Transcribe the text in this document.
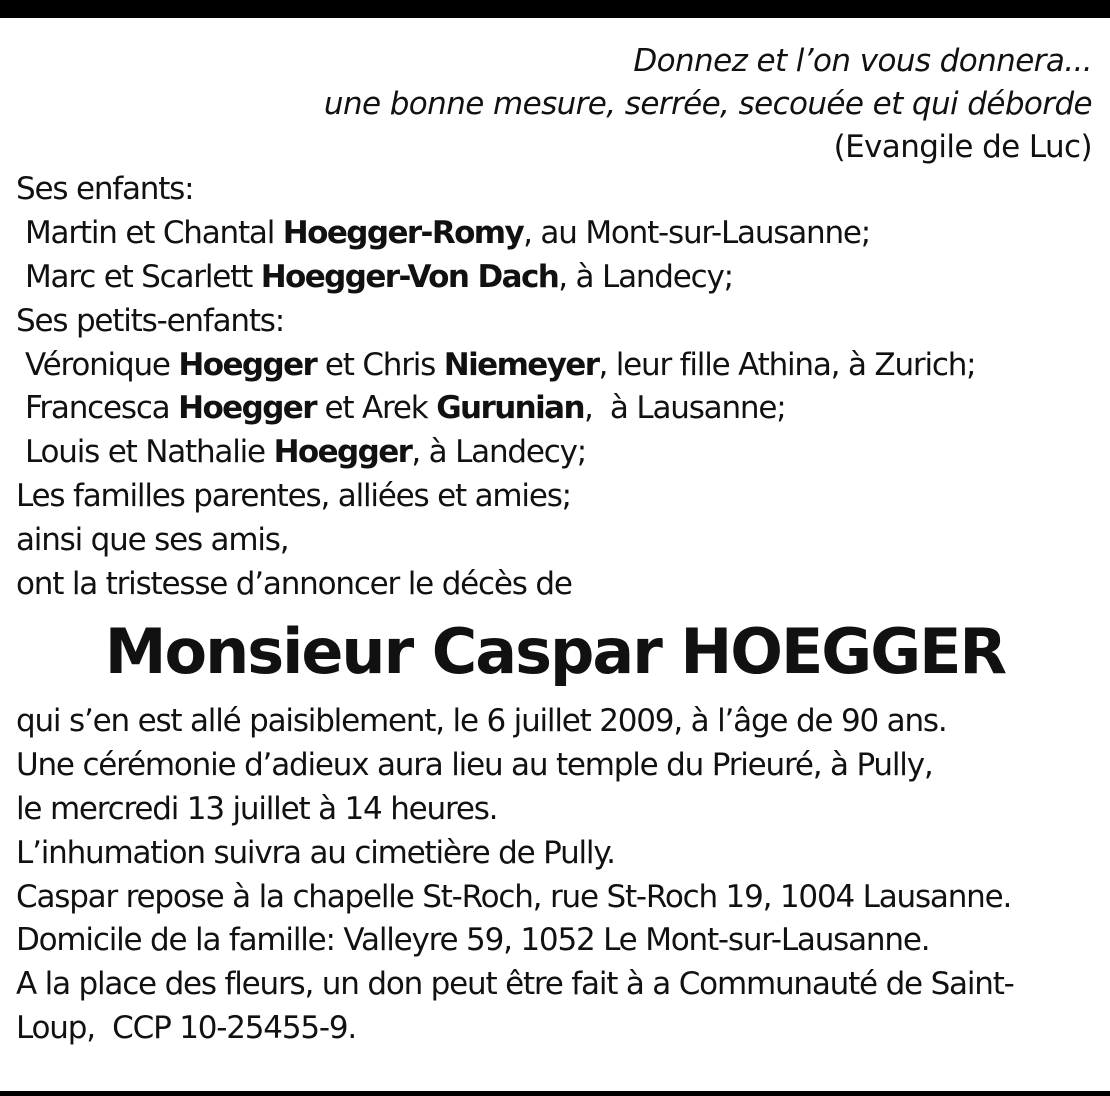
Donnez et l’on vous donnera...
une bonne mesure, serrée, secouée et qui déborde
(Evangile de Luc)
Ses enfants:
Martin et Chantal Hoegger-Romy, au Mont-sur-Lausanne;
Marc et Scarlett Hoegger-Von Dach, à Landecy;
Ses petits-enfants:
Véronique Hoegger et Chris Niemeyer, leur fille Athina, à Zurich;
Francesca Hoegger et Arek Gurunian,  à Lausanne;
Louis et Nathalie Hoegger, à Landecy;
Les familles parentes, alliées et amies;
ainsi que ses amis,
ont la tristesse d’annoncer le décès de
Monsieur Caspar HOEGGER
qui s’en est allé paisiblement, le 6 juillet 2009, à l’âge de 90 ans.
Une cérémonie d’adieux aura lieu au temple du Prieuré, à Pully,
le mercredi 13 juillet à 14 heures.
L’inhumation suivra au cimetière de Pully.
Caspar repose à la chapelle St-Roch, rue St-Roch 19, 1004 Lausanne.
Domicile de la famille: Valleyre 59, 1052 Le Mont-sur-Lausanne.
A la place des fleurs, un don peut être fait à a Communauté de Saint-
Loup,  CCP 10-25455-9.
